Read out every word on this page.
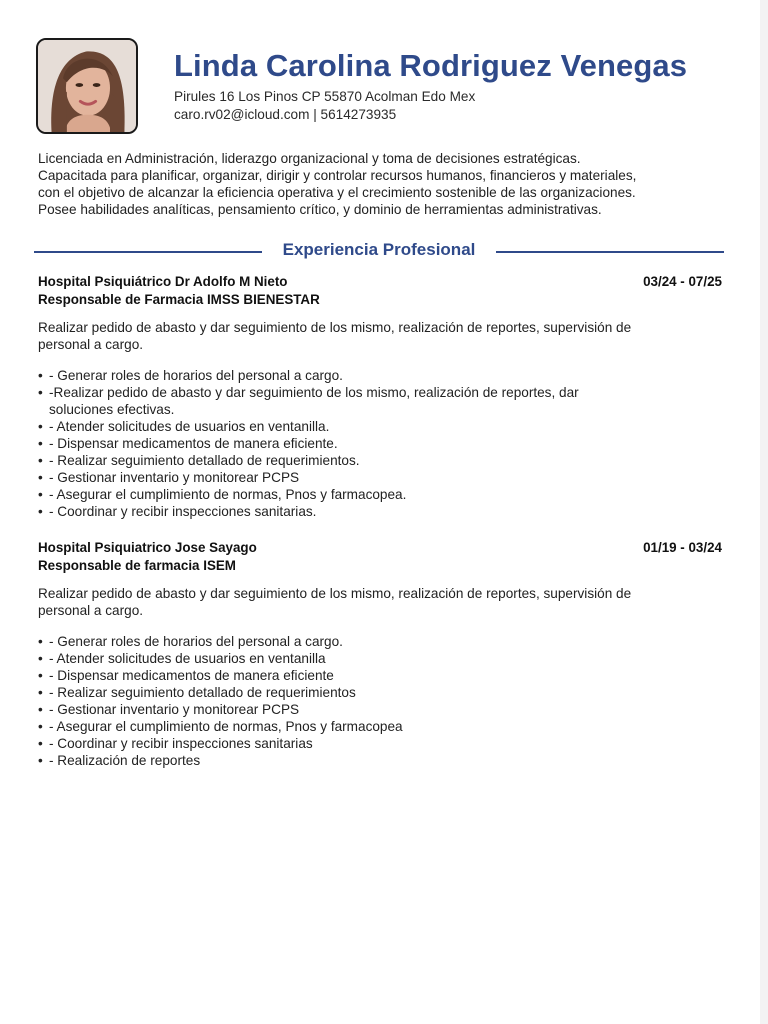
Linda Carolina Rodriguez Venegas
Pirules 16 Los Pinos CP 55870 Acolman Edo Mex
caro.rv02@icloud.com | 5614273935

Licenciada en Administración, liderazgo organizacional y toma de decisiones estratégicas.

Capacitada para planificar, organizar, dirigir y controlar recursos humanos, financieros y materiales,

con el objetivo de alcanzar la eficiencia operativa y el crecimiento sostenible de las organizaciones.

Posee habilidades analíticas, pensamiento crítico, y dominio de herramientas administrativas.

Experiencia Profesional
Hospital Psiquiátrico Dr Adolfo M Nieto	03/24 - 07/25
Responsable de Farmacia IMSS BIENESTAR

Realizar pedido de abasto y dar seguimiento de los mismo, realización de reportes, supervisión de

personal a cargo.

• - Generar roles de horarios del personal a cargo.
• -Realizar pedido de abasto y dar seguimiento de los mismo, realización de reportes, dar
soluciones efectivas.
• - Atender solicitudes de usuarios en ventanilla.
• - Dispensar medicamentos de manera eficiente.
• - Realizar seguimiento detallado de requerimientos.
• - Gestionar inventario y monitorear PCPS
• - Asegurar el cumplimiento de normas, Pnos y farmacopea.
• - Coordinar y recibir inspecciones sanitarias.
Hospital Psiquiatrico Jose Sayago	01/19 - 03/24
Responsable de farmacia ISEM

Realizar pedido de abasto y dar seguimiento de los mismo, realización de reportes, supervisión de

personal a cargo.

• - Generar roles de horarios del personal a cargo.
• - Atender solicitudes de usuarios en ventanilla
• - Dispensar medicamentos de manera eficiente
• - Realizar seguimiento detallado de requerimientos
• - Gestionar inventario y monitorear PCPS
• - Asegurar el cumplimiento de normas, Pnos y farmacopea
• - Coordinar y recibir inspecciones sanitarias
• - Realización de reportes
